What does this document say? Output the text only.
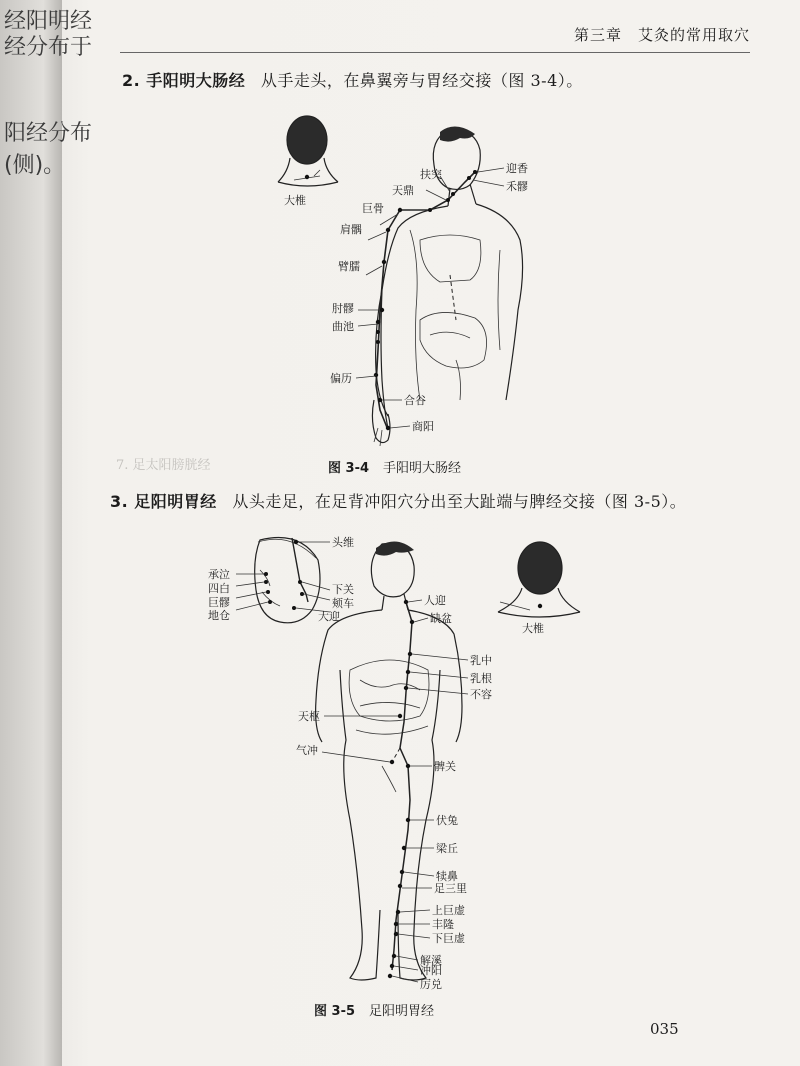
经阳明经
经分布于
阳经分布
(侧)。
第三章　艾灸的常用取穴
2. 手阳明大肠经 从手走头，在鼻翼旁与胃经交接（图 3-4）。
大椎
迎香
禾髎
扶突
天鼎
巨骨
肩髃
臂臑
肘髎
曲池
偏历
合谷
商阳
图 3-4 手阳明大肠经
7. 足太阳膀胱经
3. 足阳明胃经 从头走足，在足背冲阳穴分出至大趾端与脾经交接（图 3-5）。
头维
承泣
四白
巨髎
地仓
下关
颊车
大迎
人迎
缺盆
乳中
乳根
不容
天枢
气冲
髀关
伏兔
梁丘
犊鼻
足三里
上巨虚
丰隆
下巨虚
解溪
冲阳
厉兑
大椎
图 3-5 足阳明胃经
035
